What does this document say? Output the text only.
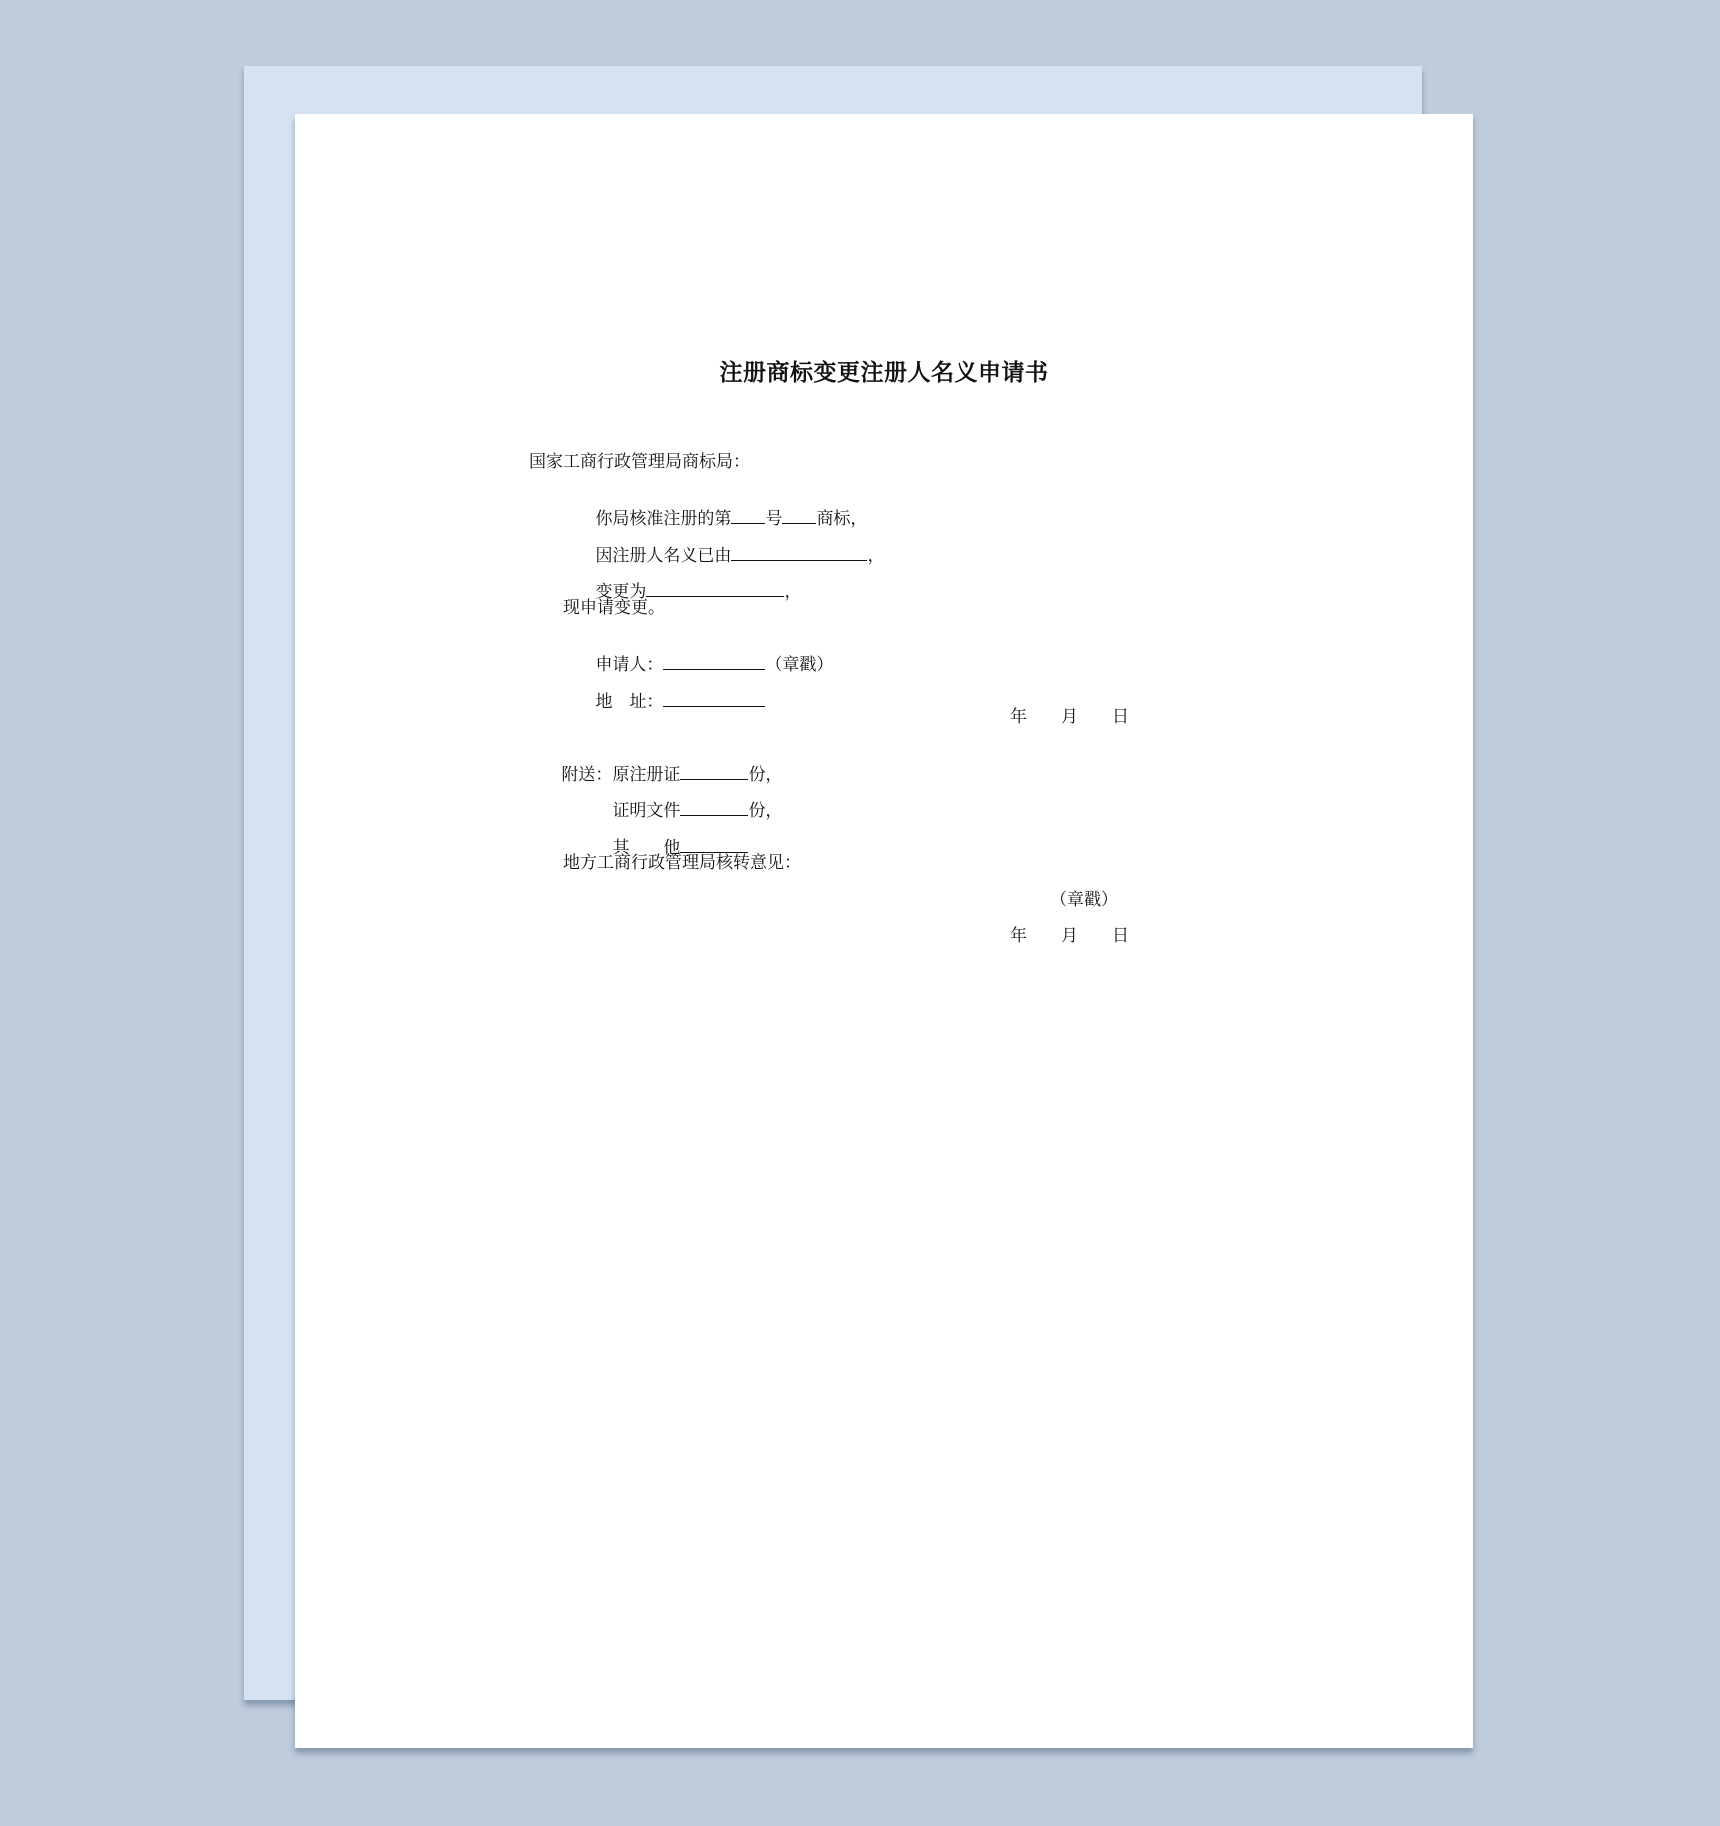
注册商标变更注册人名义申请书
国家工商行政管理局商标局：

你局核准注册的第 号 商标，

因注册人名义已由	，

变更为	，

现申请变更。

申请人：	（章戳）

地　址：

年　　月　　日

附送：原注册证	份，

证明文件	份，

其　　他

地方工商行政管理局核转意见：
（章戳）
年　　月　　日
